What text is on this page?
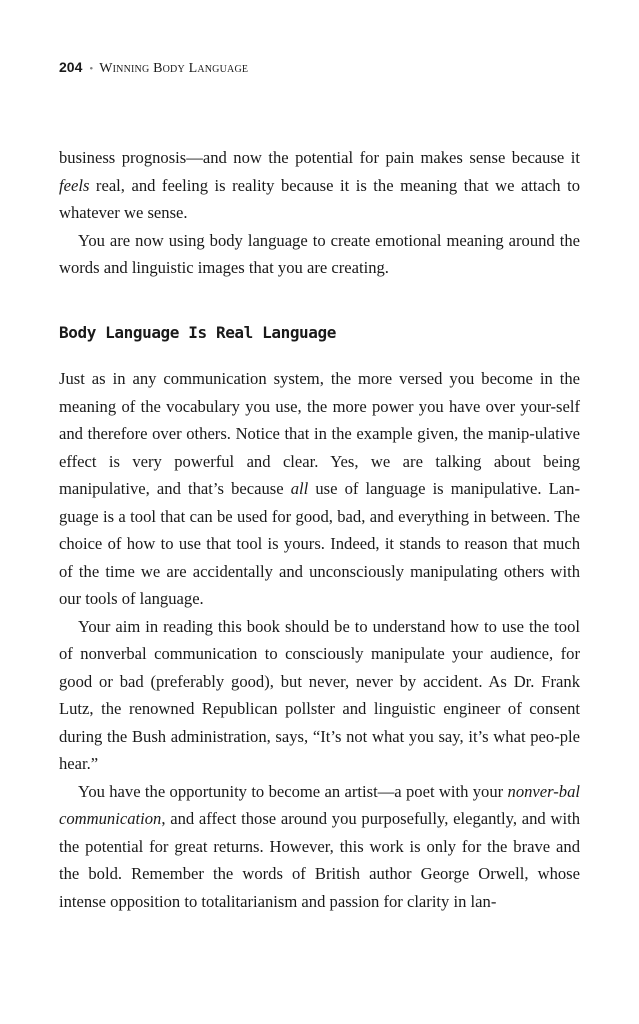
204 • Winning Body Language

business prognosis—and now the potential for pain makes sense because it feels real, and feeling is reality because it is the meaning that we attach to whatever we sense.

You are now using body language to create emotional meaning around the words and linguistic images that you are creating.

Body Language Is Real Language

Just as in any communication system, the more versed you become in the meaning of the vocabulary you use, the more power you have over your-self and therefore over others. Notice that in the example given, the manip-ulative effect is very powerful and clear. Yes, we are talking about being manipulative, and that’s because all use of language is manipulative. Lan-guage is a tool that can be used for good, bad, and everything in between. The choice of how to use that tool is yours. Indeed, it stands to reason that much of the time we are accidentally and unconsciously manipulating others with our tools of language.

Your aim in reading this book should be to understand how to use the tool of nonverbal communication to consciously manipulate your audience, for good or bad (preferably good), but never, never by accident. As Dr. Frank Lutz, the renowned Republican pollster and linguistic engineer of consent during the Bush administration, says, “It’s not what you say, it’s what peo-ple hear.”

You have the opportunity to become an artist—a poet with your nonver-bal communication, and affect those around you purposefully, elegantly, and with the potential for great returns. However, this work is only for the brave and the bold. Remember the words of British author George Orwell, whose intense opposition to totalitarianism and passion for clarity in lan-
